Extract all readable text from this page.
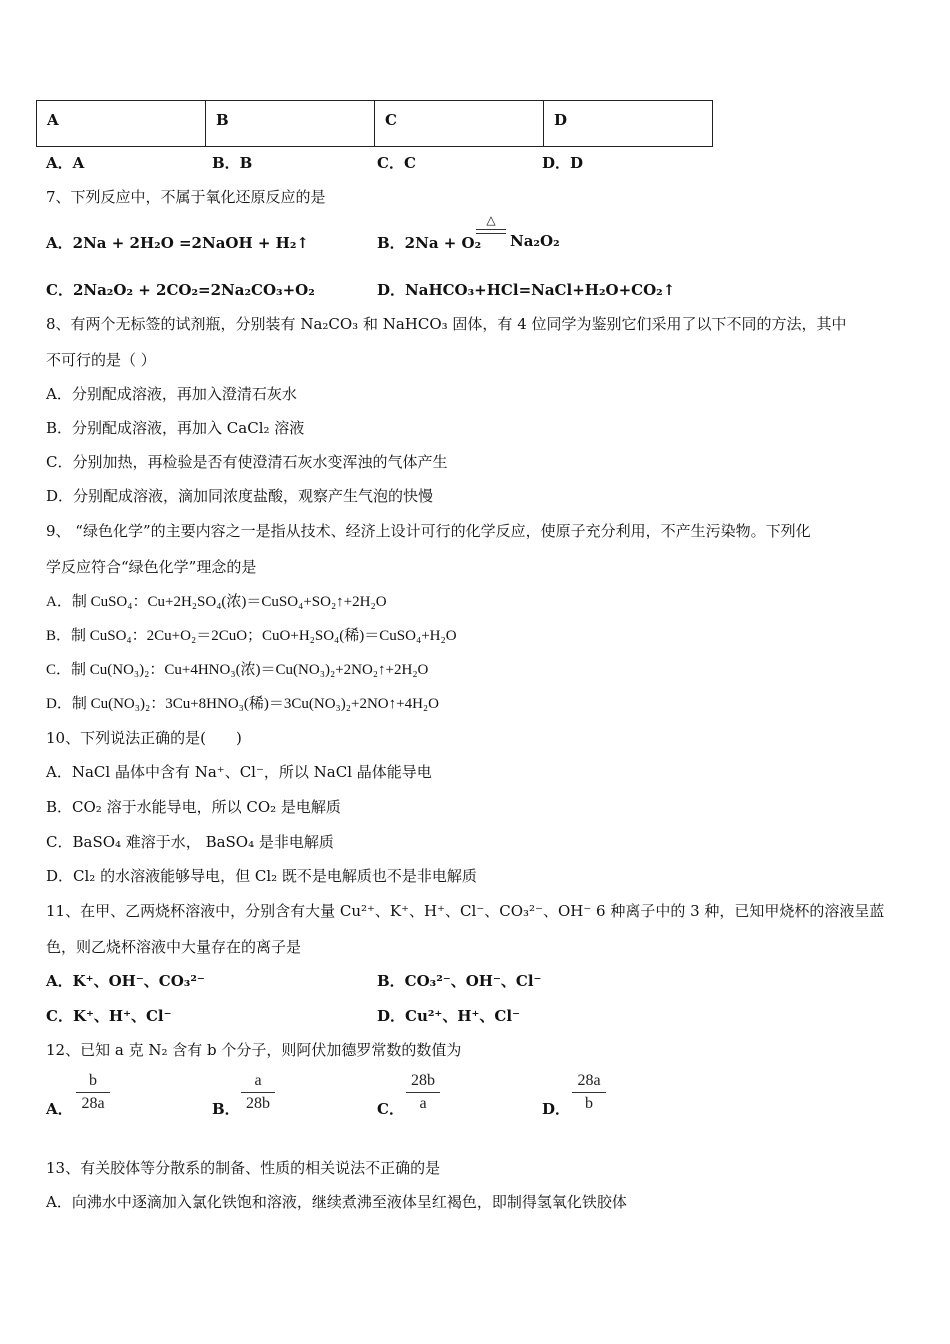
A	B	C	D
A．A	B．B	C．C	D．D
7、下列反应中，不属于氧化还原反应的是
A．2Na + 2H₂O =2NaOH + H₂↑	B．2Na + O₂
△
Na₂O₂
C．2Na₂O₂ + 2CO₂=2Na₂CO₃+O₂	D．NaHCO₃+HCl=NaCl+H₂O+CO₂↑
8、有两个无标签的试剂瓶，分别装有 Na₂CO₃ 和 NaHCO₃ 固体，有 4 位同学为鉴别它们采用了以下不同的方法，其中
不可行的是（ ）
A．分别配成溶液，再加入澄清石灰水
B．分别配成溶液，再加入 CaCl₂ 溶液
C．分别加热，再检验是否有使澄清石灰水变浑浊的气体产生
D．分别配成溶液，滴加同浓度盐酸，观察产生气泡的快慢
9、 “绿色化学”的主要内容之一是指从技术、经济上设计可行的化学反应，使原子充分利用，不产生污染物。下列化
学反应符合“绿色化学”理念的是
A．制 CuSO₄：Cu+2H₂SO₄(浓)＝CuSO₄+SO₂↑+2H₂O
B．制 CuSO₄：2Cu+O₂＝2CuO；CuO+H₂SO₄(稀)＝CuSO₄+H₂O
C．制 Cu(NO₃)₂：Cu+4HNO₃(浓)＝Cu(NO₃)₂+2NO₂↑+2H₂O
D．制 Cu(NO₃)₂：3Cu+8HNO₃(稀)＝3Cu(NO₃)₂+2NO↑+4H₂O
10、下列说法正确的是(　　)
A．NaCl 晶体中含有 Na⁺、Cl⁻，所以 NaCl 晶体能导电
B．CO₂ 溶于水能导电，所以 CO₂ 是电解质
C．BaSO₄ 难溶于水， BaSO₄ 是非电解质
D．Cl₂ 的水溶液能够导电，但 Cl₂ 既不是电解质也不是非电解质
11、在甲、乙两烧杯溶液中，分别含有大量 Cu²⁺、K⁺、H⁺、Cl⁻、CO₃²⁻、OH⁻ 6 种离子中的 3 种，已知甲烧杯的溶液呈蓝
色，则乙烧杯溶液中大量存在的离子是
A．K⁺、OH⁻、CO₃²⁻	B．CO₃²⁻、OH⁻、Cl⁻
C．K⁺、H⁺、Cl⁻	D．Cu²⁺、H⁺、Cl⁻
12、已知 a 克 N₂ 含有 b 个分子，则阿伏加德罗常数的数值为
A． $\frac{b}{28a}$	B． $\frac{a}{28b}$	C． $\frac{28b}{a}$	D． $\frac{28a}{b}$
13、有关胶体等分散系的制备、性质的相关说法不正确的是
A．向沸水中逐滴加入氯化铁饱和溶液，继续煮沸至液体呈红褐色，即制得氢氧化铁胶体
